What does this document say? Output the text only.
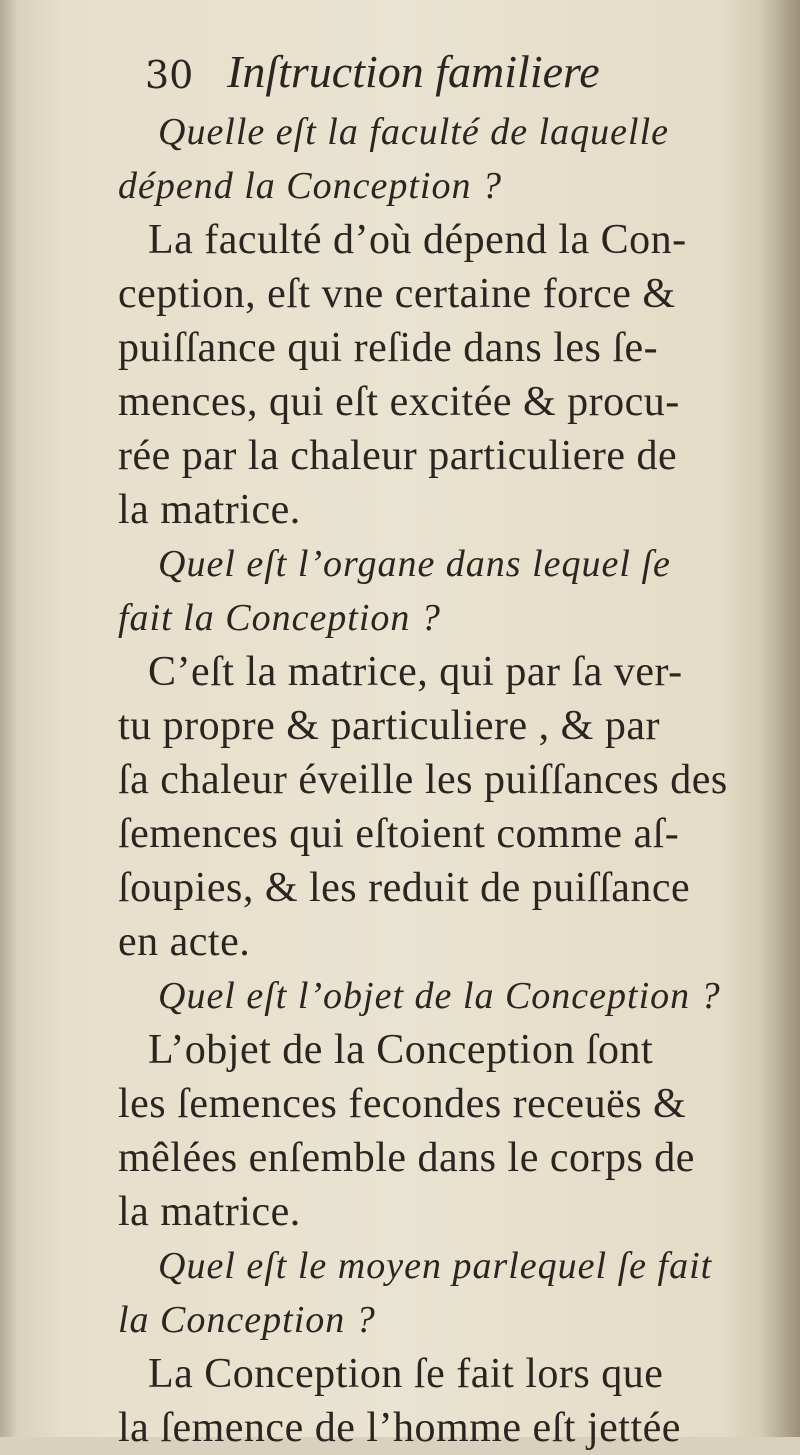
30 Inſtruction familiere
Quelle eſt la faculté de laquelle
dépend la Conception ?
La faculté d’où dépend la Con-
ception, eſt vne certaine force &
puiſſance qui reſide dans les ſe-
mences, qui eſt excitée & procu-
rée par la chaleur particuliere de
la matrice.
Quel eſt l’organe dans lequel ſe
fait la Conception ?
C’eſt la matrice, qui par ſa ver-
tu propre & particuliere , & par
ſa chaleur éveille les puiſſances des
ſemences qui eſtoient comme aſ-
ſoupies, & les reduit de puiſſance
en acte.
Quel eſt l’objet de la Conception ?
L’objet de la Conception ſont
les ſemences fecondes receuës &
mêlées enſemble dans le corps de
la matrice.
Quel eſt le moyen parlequel ſe fait
la Conception ?
La Conception ſe fait lors que
la ſemence de l’homme eſt jettée
